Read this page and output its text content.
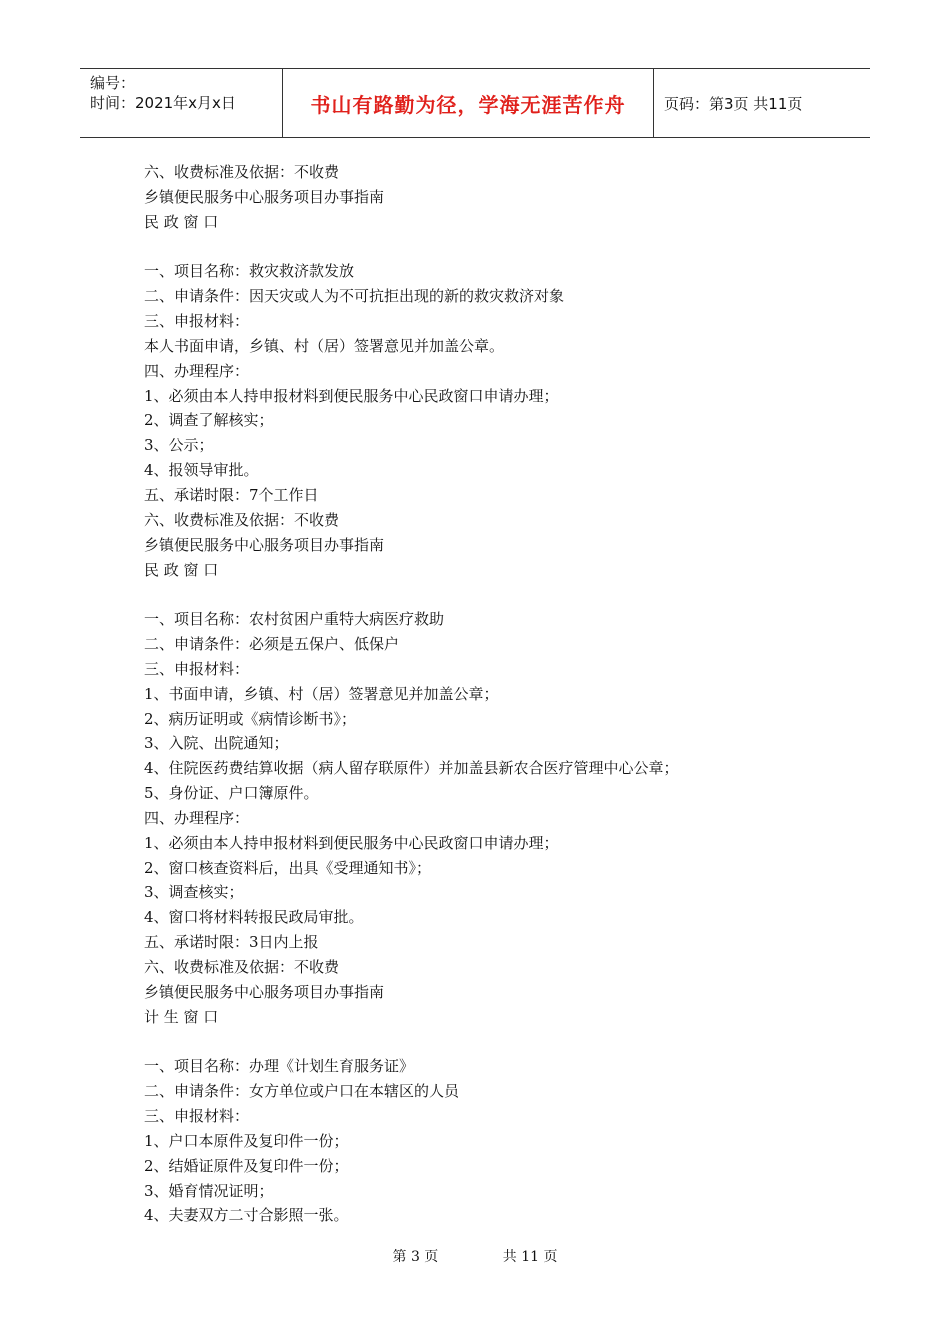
编号：
时间：2021年x月x日	书山有路勤为径，学海无涯苦作舟	页码：第3页 共11页
六、收费标准及依据：不收费
乡镇便民服务中心服务项目办事指南
民 政 窗 口
一、项目名称：救灾救济款发放
二、申请条件：因天灾或人为不可抗拒出现的新的救灾救济对象
三、申报材料：
本人书面申请，乡镇、村（居）签署意见并加盖公章。
四、办理程序：
1、必须由本人持申报材料到便民服务中心民政窗口申请办理；
2、调查了解核实；
3、公示；
4、报领导审批。
五、承诺时限：7个工作日
六、收费标准及依据：不收费
乡镇便民服务中心服务项目办事指南
民 政 窗 口
一、项目名称：农村贫困户重特大病医疗救助
二、申请条件：必须是五保户、低保户
三、申报材料：
1、书面申请，乡镇、村（居）签署意见并加盖公章；
2、病历证明或《病情诊断书》；
3、入院、出院通知；
4、住院医药费结算收据（病人留存联原件）并加盖县新农合医疗管理中心公章；
5、身份证、户口簿原件。
四、办理程序：
1、必须由本人持申报材料到便民服务中心民政窗口申请办理；
2、窗口核查资料后，出具《受理通知书》；
3、调查核实；
4、窗口将材料转报民政局审批。
五、承诺时限：3日内上报
六、收费标准及依据：不收费
乡镇便民服务中心服务项目办事指南
计 生 窗 口
一、项目名称：办理《计划生育服务证》
二、申请条件：女方单位或户口在本辖区的人员
三、申报材料：
1、户口本原件及复印件一份；
2、结婚证原件及复印件一份；
3、婚育情况证明；
4、夫妻双方二寸合影照一张。
第 3 页	共 11 页
